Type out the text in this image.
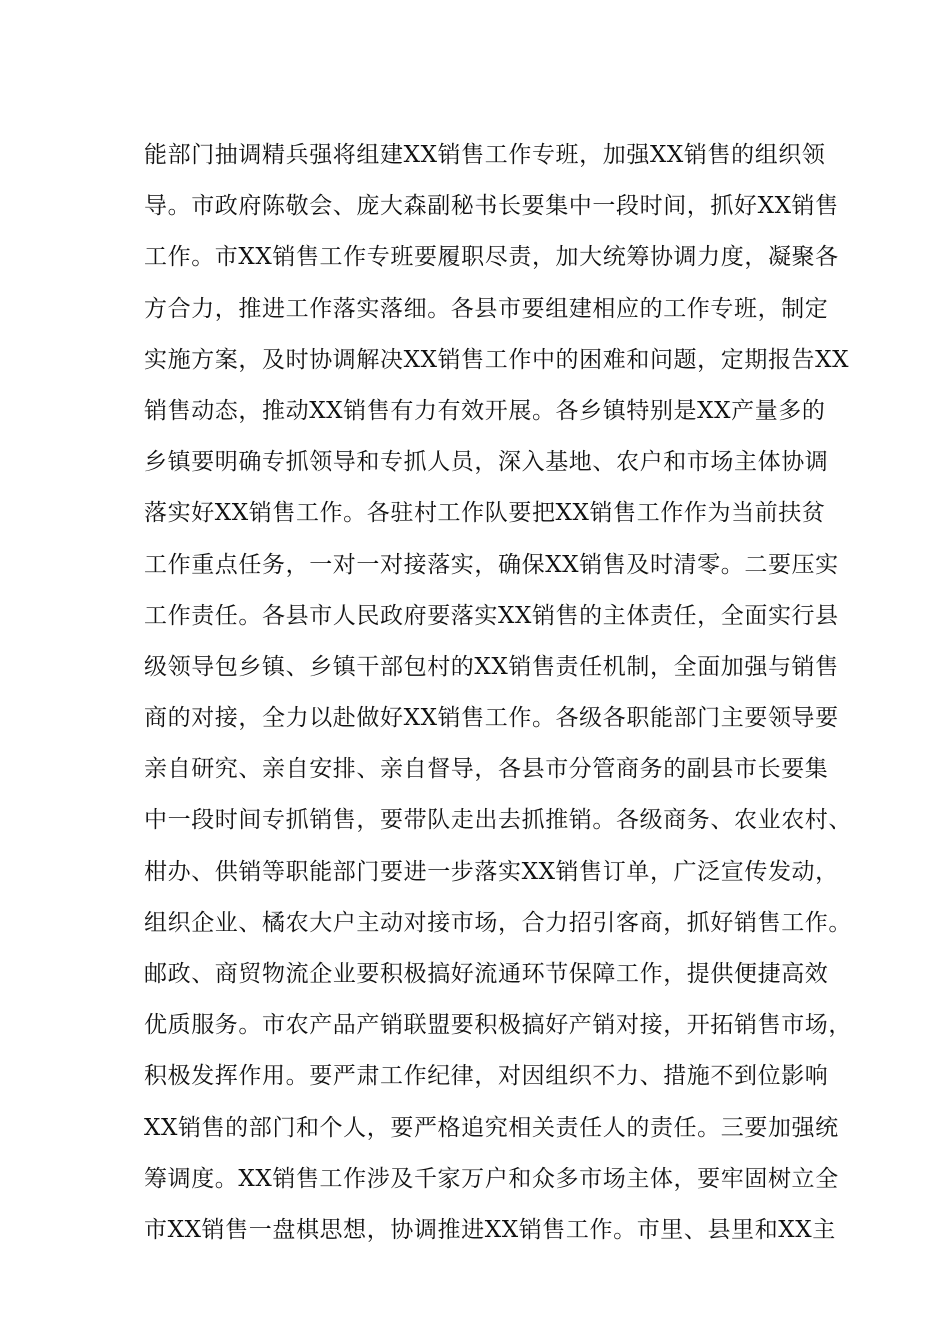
能部门抽调精兵强将组建XX销售工作专班，加强XX销售的组织领
导。市政府陈敬会、庞大森副秘书长要集中一段时间，抓好XX销售
工作。市XX销售工作专班要履职尽责，加大统筹协调力度，凝聚各
方合力，推进工作落实落细。各县市要组建相应的工作专班，制定
实施方案，及时协调解决XX销售工作中的困难和问题，定期报告XX
销售动态，推动XX销售有力有效开展。各乡镇特别是XX产量多的
乡镇要明确专抓领导和专抓人员，深入基地、农户和市场主体协调
落实好XX销售工作。各驻村工作队要把XX销售工作作为当前扶贫
工作重点任务，一对一对接落实，确保XX销售及时清零。二要压实
工作责任。各县市人民政府要落实XX销售的主体责任，全面实行县
级领导包乡镇、乡镇干部包村的XX销售责任机制，全面加强与销售
商的对接，全力以赴做好XX销售工作。各级各职能部门主要领导要
亲自研究、亲自安排、亲自督导，各县市分管商务的副县市长要集
中一段时间专抓销售，要带队走出去抓推销。各级商务、农业农村、
柑办、供销等职能部门要进一步落实XX销售订单，广泛宣传发动，
组织企业、橘农大户主动对接市场，合力招引客商，抓好销售工作。
邮政、商贸物流企业要积极搞好流通环节保障工作，提供便捷高效
优质服务。市农产品产销联盟要积极搞好产销对接，开拓销售市场，
积极发挥作用。要严肃工作纪律，对因组织不力、措施不到位影响
XX销售的部门和个人，要严格追究相关责任人的责任。三要加强统
筹调度。XX销售工作涉及千家万户和众多市场主体，要牢固树立全
市XX销售一盘棋思想，协调推进XX销售工作。市里、县里和XX主
